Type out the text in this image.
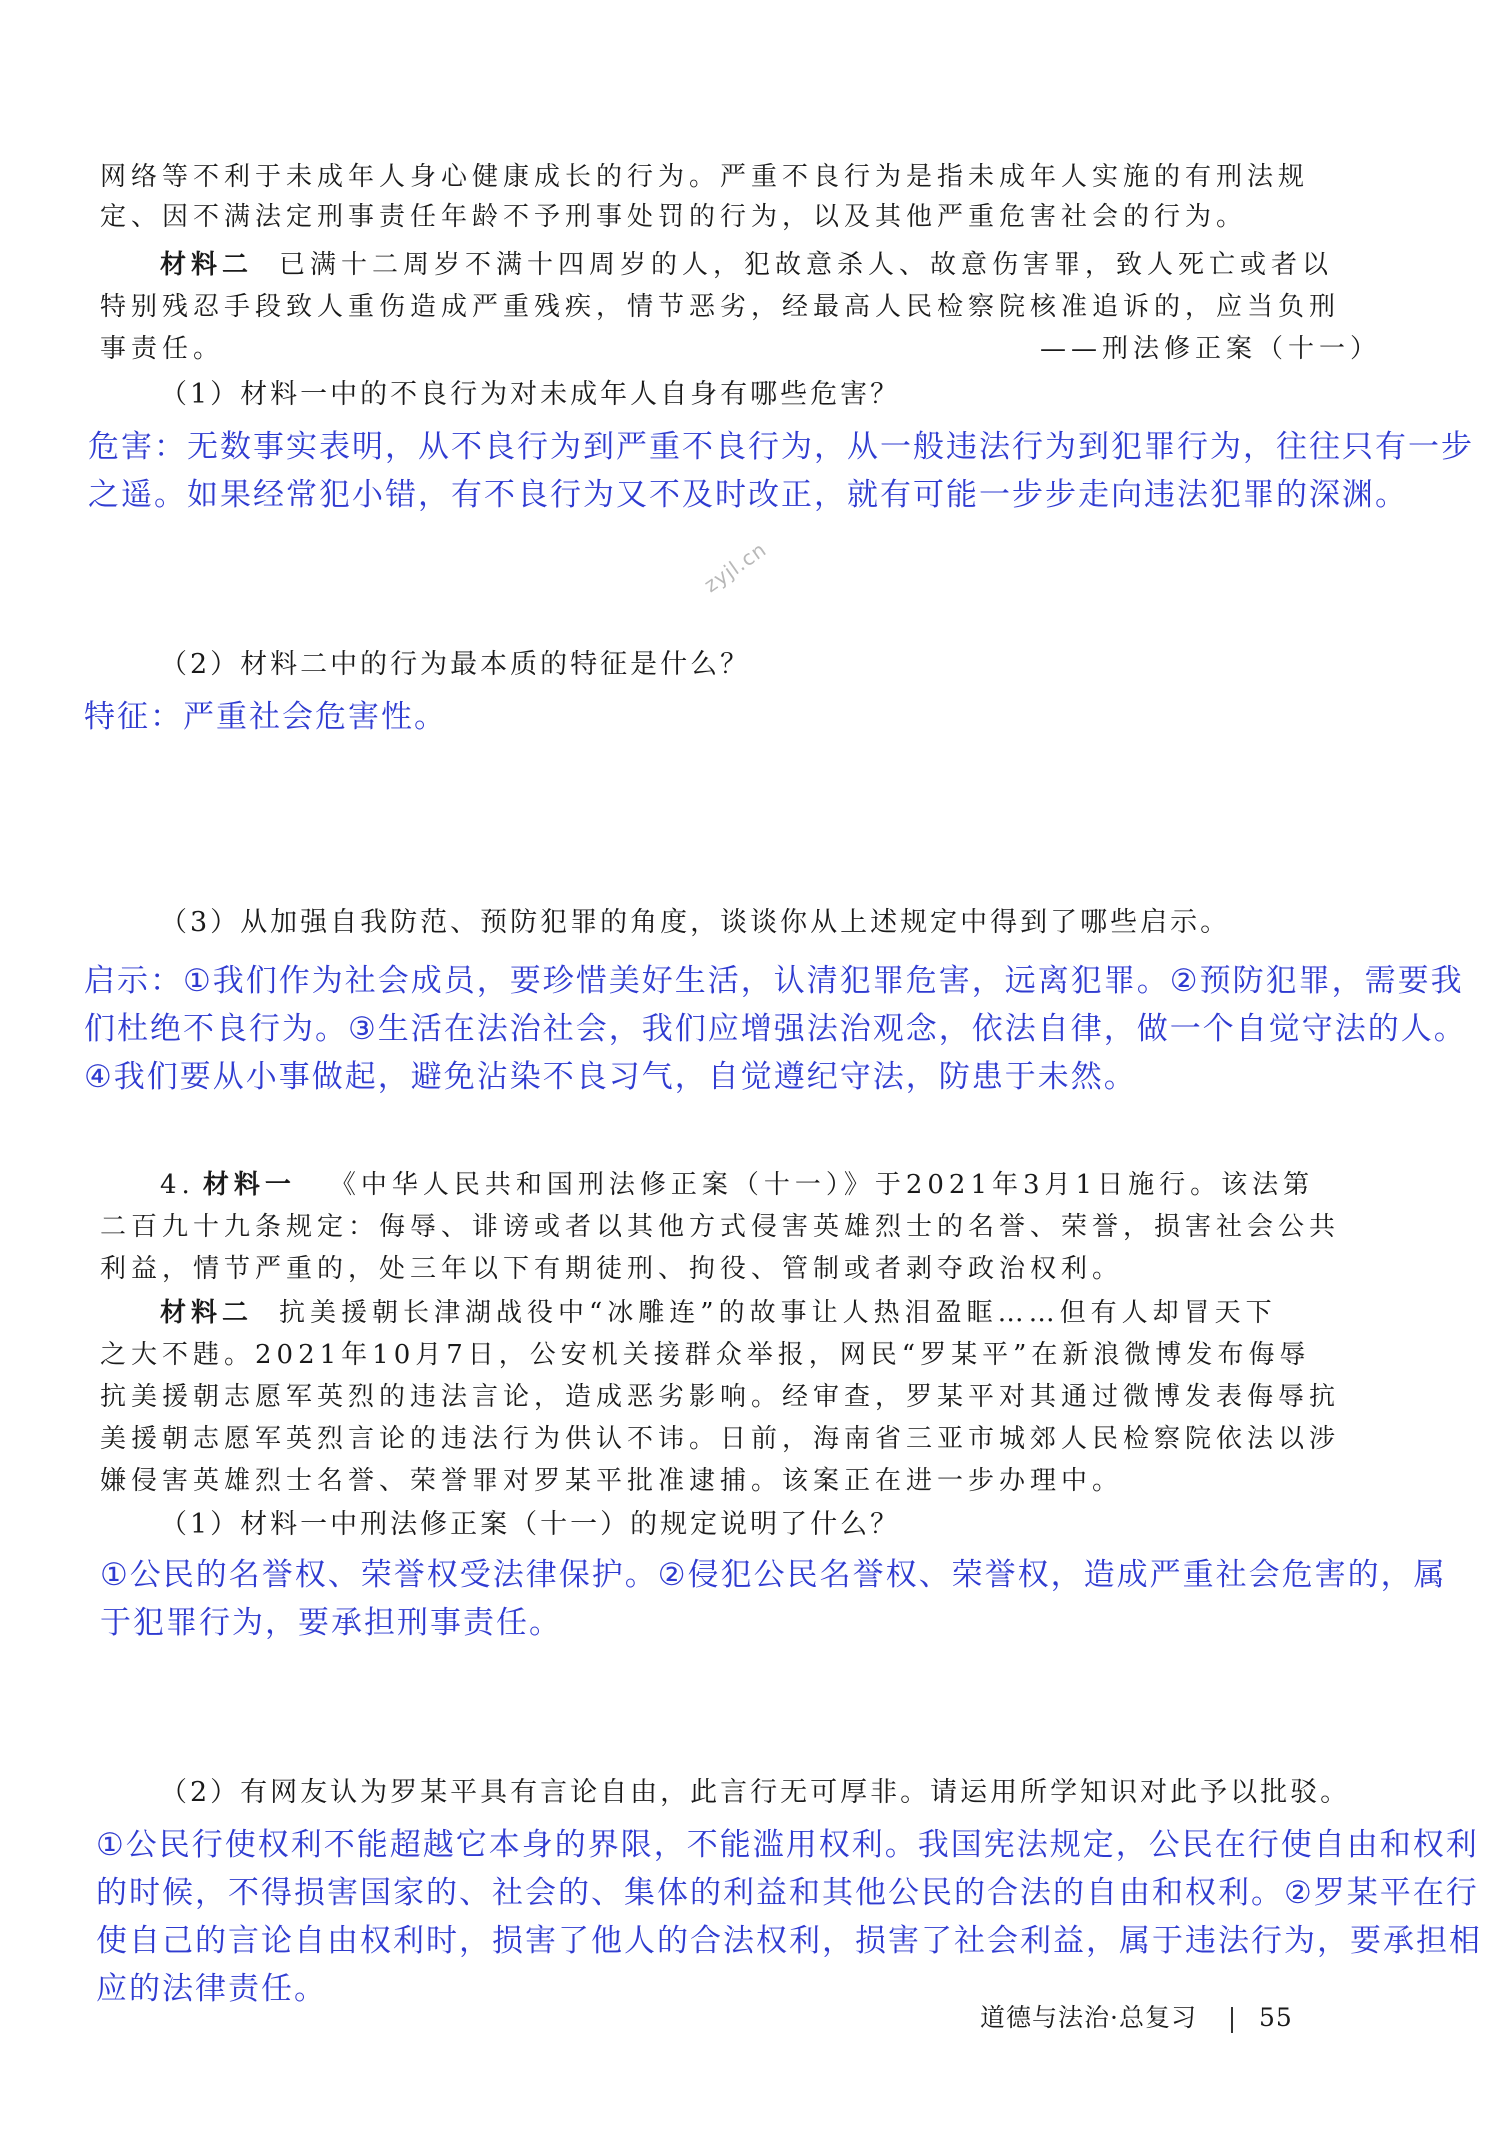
网络等不利于未成年人身心健康成长的行为。严重不良行为是指未成年人实施的有刑法规
定、因不满法定刑事责任年龄不予刑事处罚的行为，以及其他严重危害社会的行为。
材料二 已满十二周岁不满十四周岁的人，犯故意杀人、故意伤害罪，致人死亡或者以
特别残忍手段致人重伤造成严重残疾，情节恶劣，经最高人民检察院核准追诉的，应当负刑
事责任。	——刑法修正案（十一）
（1）材料一中的不良行为对未成年人自身有哪些危害？
危害：无数事实表明，从不良行为到严重不良行为，从一般违法行为到犯罪行为，往往只有一步
之遥。如果经常犯小错，有不良行为又不及时改正，就有可能一步步走向违法犯罪的深渊。
zyjl.cn
（2）材料二中的行为最本质的特征是什么？
特征：严重社会危害性。
（3）从加强自我防范、预防犯罪的角度，谈谈你从上述规定中得到了哪些启示。
启示：①我们作为社会成员，要珍惜美好生活，认清犯罪危害，远离犯罪。②预防犯罪，需要我
们杜绝不良行为。③生活在法治社会，我们应增强法治观念，依法自律，做一个自觉守法的人。
④我们要从小事做起，避免沾染不良习气，自觉遵纪守法，防患于未然。
4. 材料一 《中华人民共和国刑法修正案（十一）》于2021年3月1日施行。该法第
二百九十九条规定：侮辱、诽谤或者以其他方式侵害英雄烈士的名誉、荣誉，损害社会公共
利益，情节严重的，处三年以下有期徒刑、拘役、管制或者剥夺政治权利。
材料二 抗美援朝长津湖战役中“冰雕连”的故事让人热泪盈眶……但有人却冒天下
之大不韪。2021年10月7日，公安机关接群众举报，网民“罗某平”在新浪微博发布侮辱
抗美援朝志愿军英烈的违法言论，造成恶劣影响。经审查，罗某平对其通过微博发表侮辱抗
美援朝志愿军英烈言论的违法行为供认不讳。日前，海南省三亚市城郊人民检察院依法以涉
嫌侵害英雄烈士名誉、荣誉罪对罗某平批准逮捕。该案正在进一步办理中。
（1）材料一中刑法修正案（十一）的规定说明了什么？
①公民的名誉权、荣誉权受法律保护。②侵犯公民名誉权、荣誉权，造成严重社会危害的，属
于犯罪行为，要承担刑事责任。
（2）有网友认为罗某平具有言论自由，此言行无可厚非。请运用所学知识对此予以批驳。
①公民行使权利不能超越它本身的界限，不能滥用权利。我国宪法规定，公民在行使自由和权利
的时候，不得损害国家的、社会的、集体的利益和其他公民的合法的自由和权利。②罗某平在行
使自己的言论自由权利时，损害了他人的合法权利，损害了社会利益，属于违法行为，要承担相
应的法律责任。
道德与法治·总复习 55
